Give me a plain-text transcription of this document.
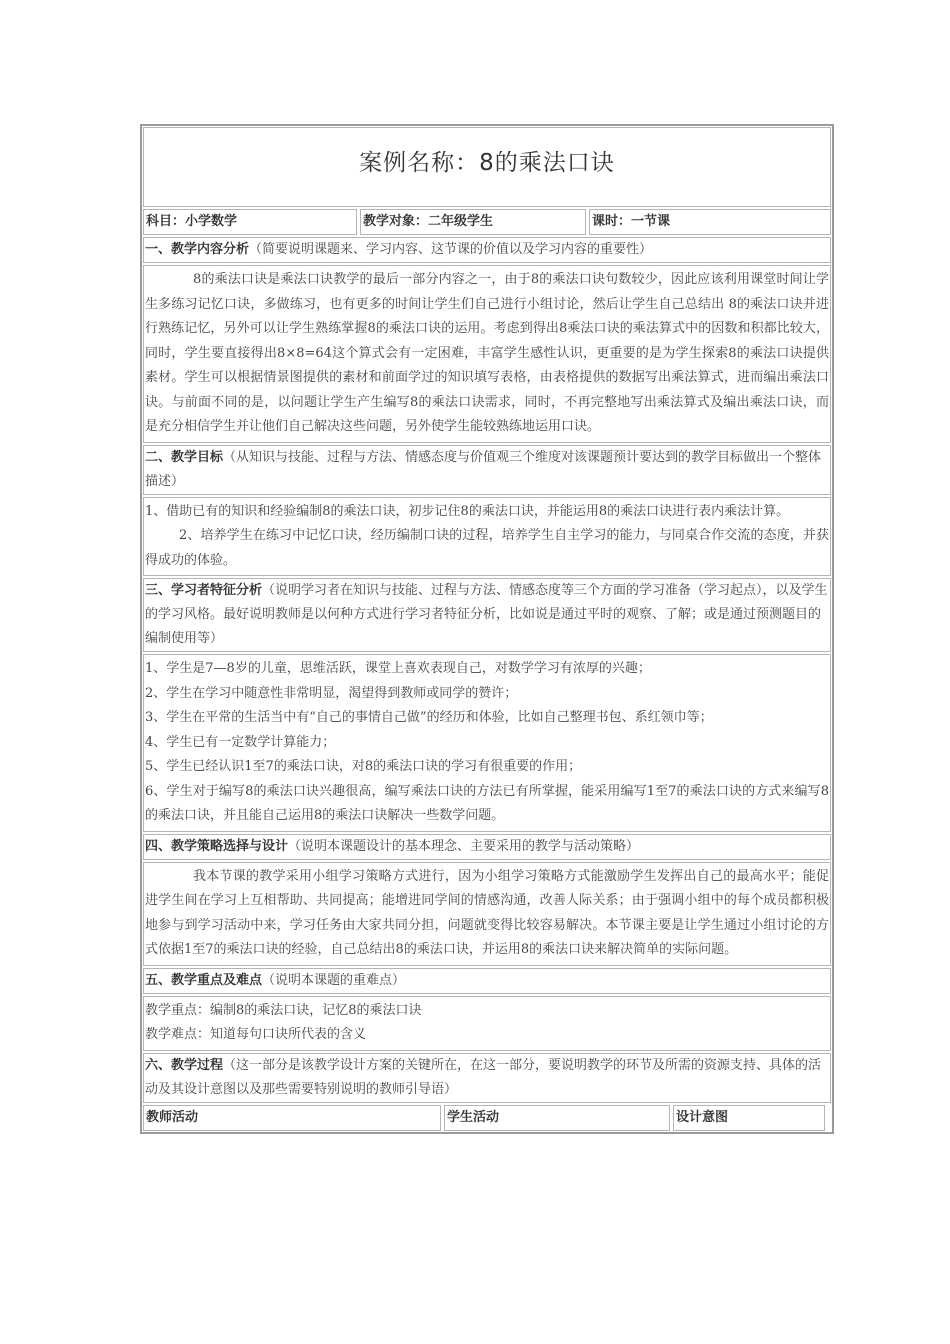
案例名称：8的乘法口诀
科目：小学数学	教学对象：二年级学生	课时：一节课
一、教学内容分析（简要说明课题来、学习内容、这节课的价值以及学习内容的重要性）

8的乘法口诀是乘法口诀教学的最后一部分内容之一，由于8的乘法口诀句数较少，因此应该利用课堂时间让学生多练习记忆口诀，多做练习，也有更多的时间让学生们自己进行小组讨论，然后让学生自己总结出 8的乘法口诀并进行熟练记忆，另外可以让学生熟练掌握8的乘法口诀的运用。考虑到得出8乘法口诀的乘法算式中的因数和积都比较大，同时，学生要直接得出8×8=64这个算式会有一定困难，丰富学生感性认识，更重要的是为学生探索8的乘法口诀提供素材。学生可以根据情景图提供的素材和前面学过的知识填写表格，由表格提供的数据写出乘法算式，进而编出乘法口诀。与前面不同的是，以问题让学生产生编写8的乘法口诀需求，同时，不再完整地写出乘法算式及编出乘法口诀，而是充分相信学生并让他们自己解决这些问题，另外使学生能较熟练地运用口诀。

二、教学目标（从知识与技能、过程与方法、情感态度与价值观三个维度对该课题预计要达到的教学目标做出一个整体描述）

1、借助已有的知识和经验编制8的乘法口诀，初步记住8的乘法口诀，并能运用8的乘法口诀进行表内乘法计算。

2、培养学生在练习中记忆口诀，经历编制口诀的过程，培养学生自主学习的能力，与同桌合作交流的态度，并获得成功的体验。

三、学习者特征分析（说明学习者在知识与技能、过程与方法、情感态度等三个方面的学习准备（学习起点），以及学生的学习风格。最好说明教师是以何种方式进行学习者特征分析，比如说是通过平时的观察、了解；或是通过预测题目的编制使用等）

1、学生是7—8岁的儿童，思维活跃，课堂上喜欢表现自己，对数学学习有浓厚的兴趣；

2、学生在学习中随意性非常明显，渴望得到教师或同学的赞许；

3、学生在平常的生活当中有“自己的事情自己做”的经历和体验，比如自己整理书包、系红领巾等；

4、学生已有一定数学计算能力；

5、学生已经认识1至7的乘法口诀，对8的乘法口诀的学习有很重要的作用；

6、学生对于编写8的乘法口诀兴趣很高，编写乘法口诀的方法已有所掌握，能采用编写1至7的乘法口诀的方式来编写8的乘法口诀，并且能自己运用8的乘法口诀解决一些数学问题。

四、教学策略选择与设计（说明本课题设计的基本理念、主要采用的教学与活动策略）

我本节课的教学采用小组学习策略方式进行，因为小组学习策略方式能激励学生发挥出自己的最高水平；能促进学生间在学习上互相帮助、共同提高；能增进同学间的情感沟通，改善人际关系；由于强调小组中的每个成员都积极地参与到学习活动中来，学习任务由大家共同分担，问题就变得比较容易解决。本节课主要是让学生通过小组讨论的方式依据1至7的乘法口诀的经验，自己总结出8的乘法口诀，并运用8的乘法口诀来解决简单的实际问题。

五、教学重点及难点（说明本课题的重难点）

教学重点：编制8的乘法口诀，记忆8的乘法口诀

教学难点：知道每句口诀所代表的含义

六、教学过程（这一部分是该教学设计方案的关键所在，在这一部分，要说明教学的环节及所需的资源支持、具体的活动及其设计意图以及那些需要特别说明的教师引导语）
教师活动	学生活动	设计意图
